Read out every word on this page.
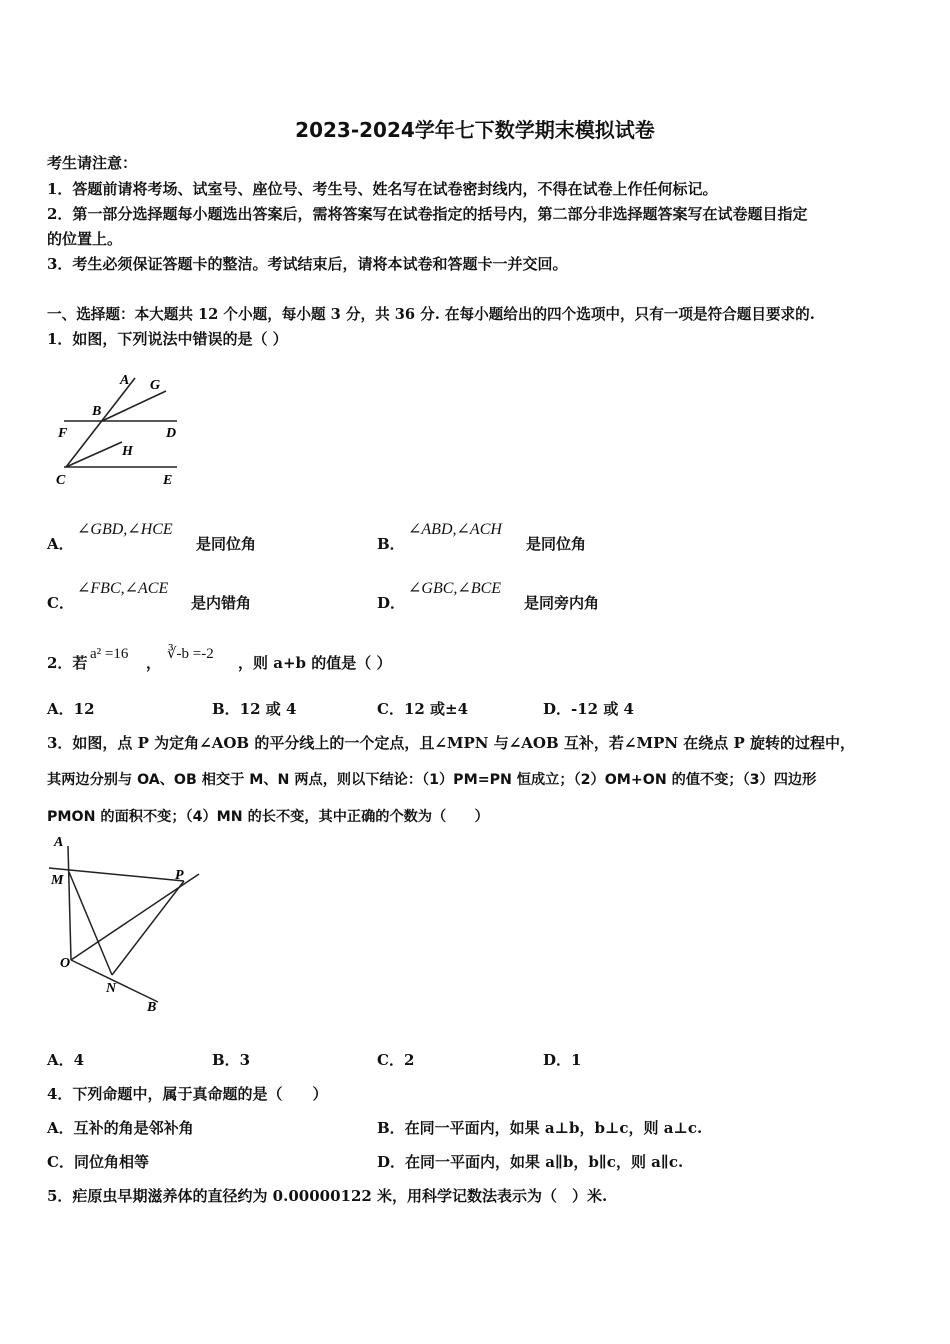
2023-2024学年七下数学期末模拟试卷
考生请注意：
1．答题前请将考场、试室号、座位号、考生号、姓名写在试卷密封线内，不得在试卷上作任何标记。
2．第一部分选择题每小题选出答案后，需将答案写在试卷指定的括号内，第二部分非选择题答案写在试卷题目指定
的位置上。
3．考生必须保证答题卡的整洁。考试结束后，请将本试卷和答题卡一并交回。
一、选择题：本大题共 12 个小题，每小题 3 分，共 36 分. 在每小题给出的四个选项中，只有一项是符合题目要求的.
1．如图，下列说法中错误的是（ ）
A G
B
F	D
H
C	E
A．
∠GBD,∠HCE
是同位角	B．
∠ABD,∠ACH
是同位角
C．
∠FBC,∠ACE
是内错角	D．
∠GBC,∠BCE
是同旁内角
2．若 a² =16 ， ∛-b =-2 ，则 a+b 的值是（ ）
A．12	B．12 或 4	C．12 或±4	D．-12 或 4
3．如图，点 P 为定角∠AOB 的平分线上的一个定点，且∠MPN 与∠AOB 互补，若∠MPN 在绕点 P 旋转的过程中，
其两边分别与 OA、OB 相交于 M、N 两点，则以下结论：（1）PM=PN 恒成立；（2）OM+ON 的值不变；（3）四边形
PMON 的面积不变；（4）MN 的长不变，其中正确的个数为（　　）
A
M	P
O
N
B
A．4	B．3	C．2	D．1
4．下列命题中，属于真命题的是（　　）
A．互补的角是邻补角	B．在同一平面内，如果 a⊥b，b⊥c，则 a⊥c.
C．同位角相等	D．在同一平面内，如果 a∥b，b∥c，则 a∥c.
5．疟原虫早期滋养体的直径约为 0.00000122 米，用科学记数法表示为（　）米.
